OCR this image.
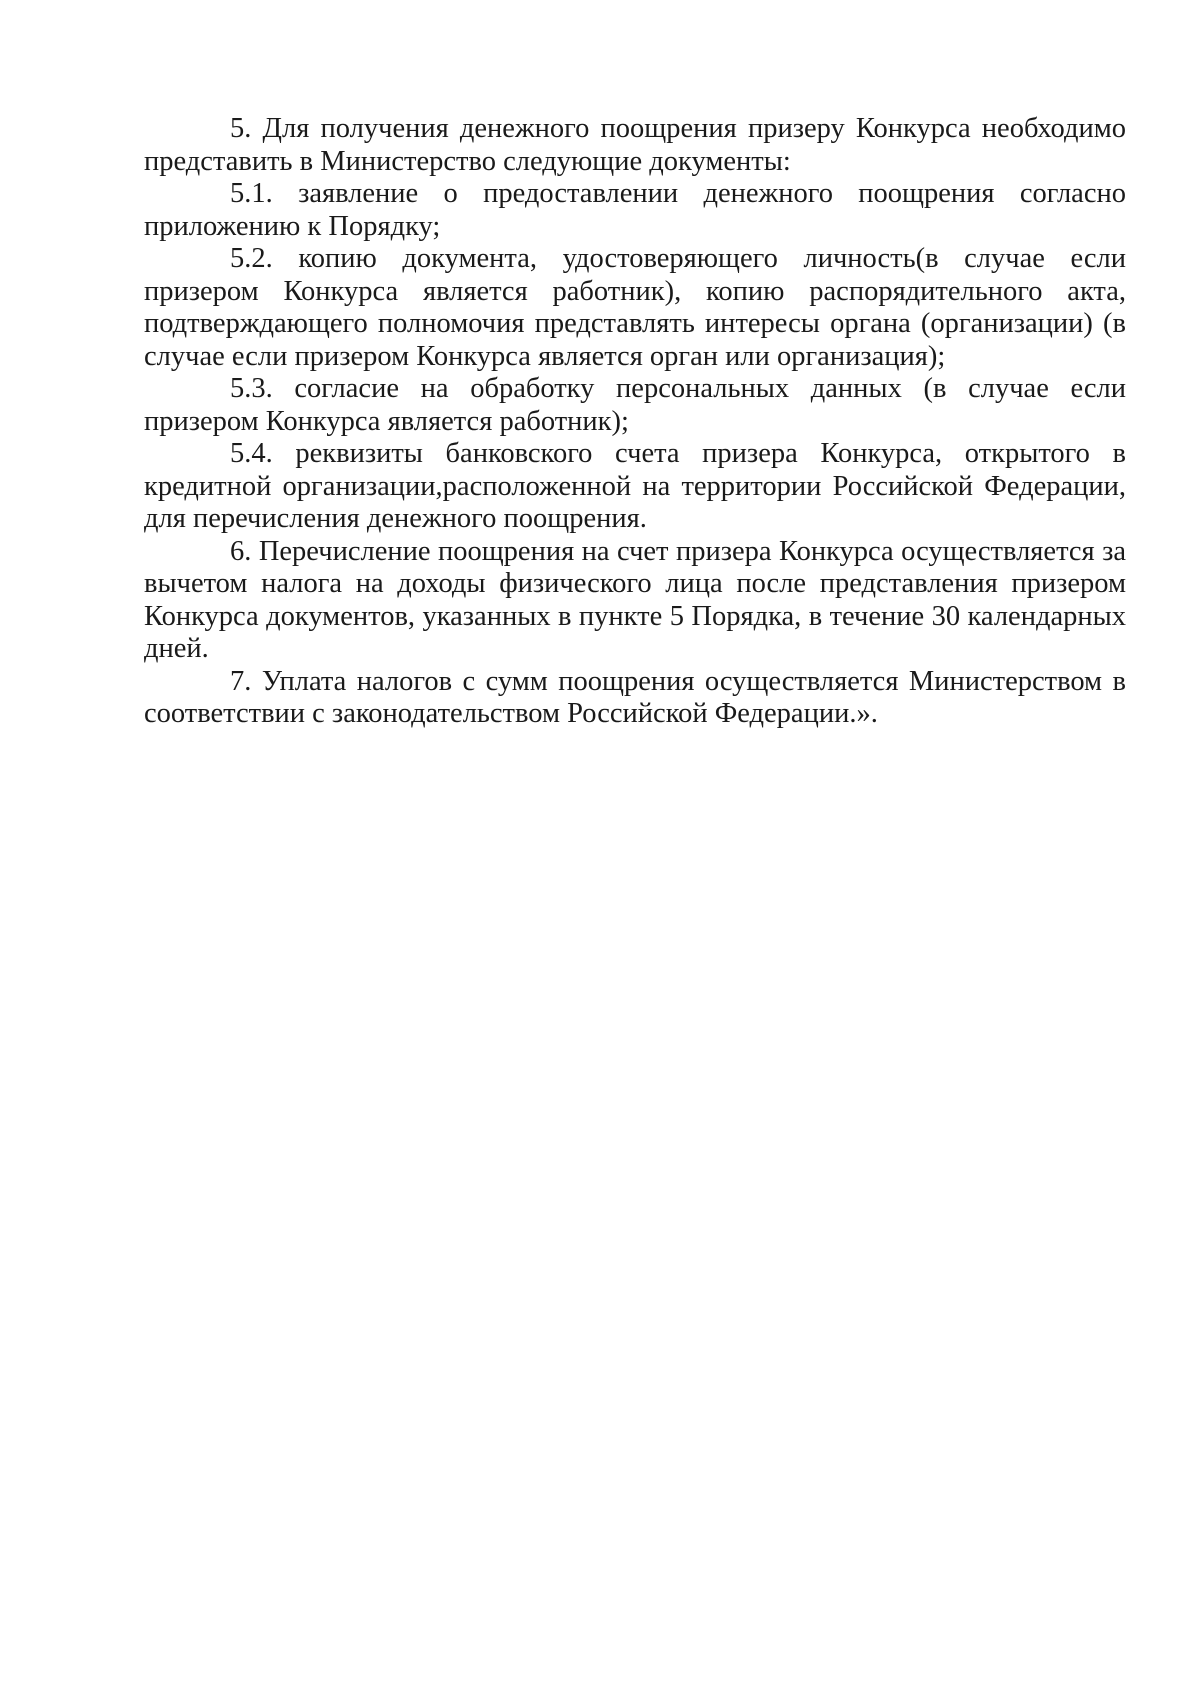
5. Для получения денежного поощрения призеру Конкурса необходимо представить в Министерство следующие документы:

5.1. заявление о предоставлении денежного поощрения согласно приложению к Порядку;

5.2. копию документа, удостоверяющего личность(в случае если призером Конкурса является работник), копию распорядительного акта, подтверждающего полномочия представлять интересы органа (организации) (в случае если призером Конкурса является орган или организация);

5.3. согласие на обработку персональных данных (в случае если призером Конкурса является работник);

5.4. реквизиты банковского счета призера Конкурса, открытого в кредитной организации,расположенной на территории Российской Федерации, для перечисления денежного поощрения.

6. Перечисление поощрения на счет призера Конкурса осуществляется за вычетом налога на доходы физического лица после представления призером Конкурса документов, указанных в пункте 5 Порядка, в течение 30 календарных дней.

7. Уплата налогов с сумм поощрения осуществляется Министерством в соответствии с законодательством Российской Федерации.».
